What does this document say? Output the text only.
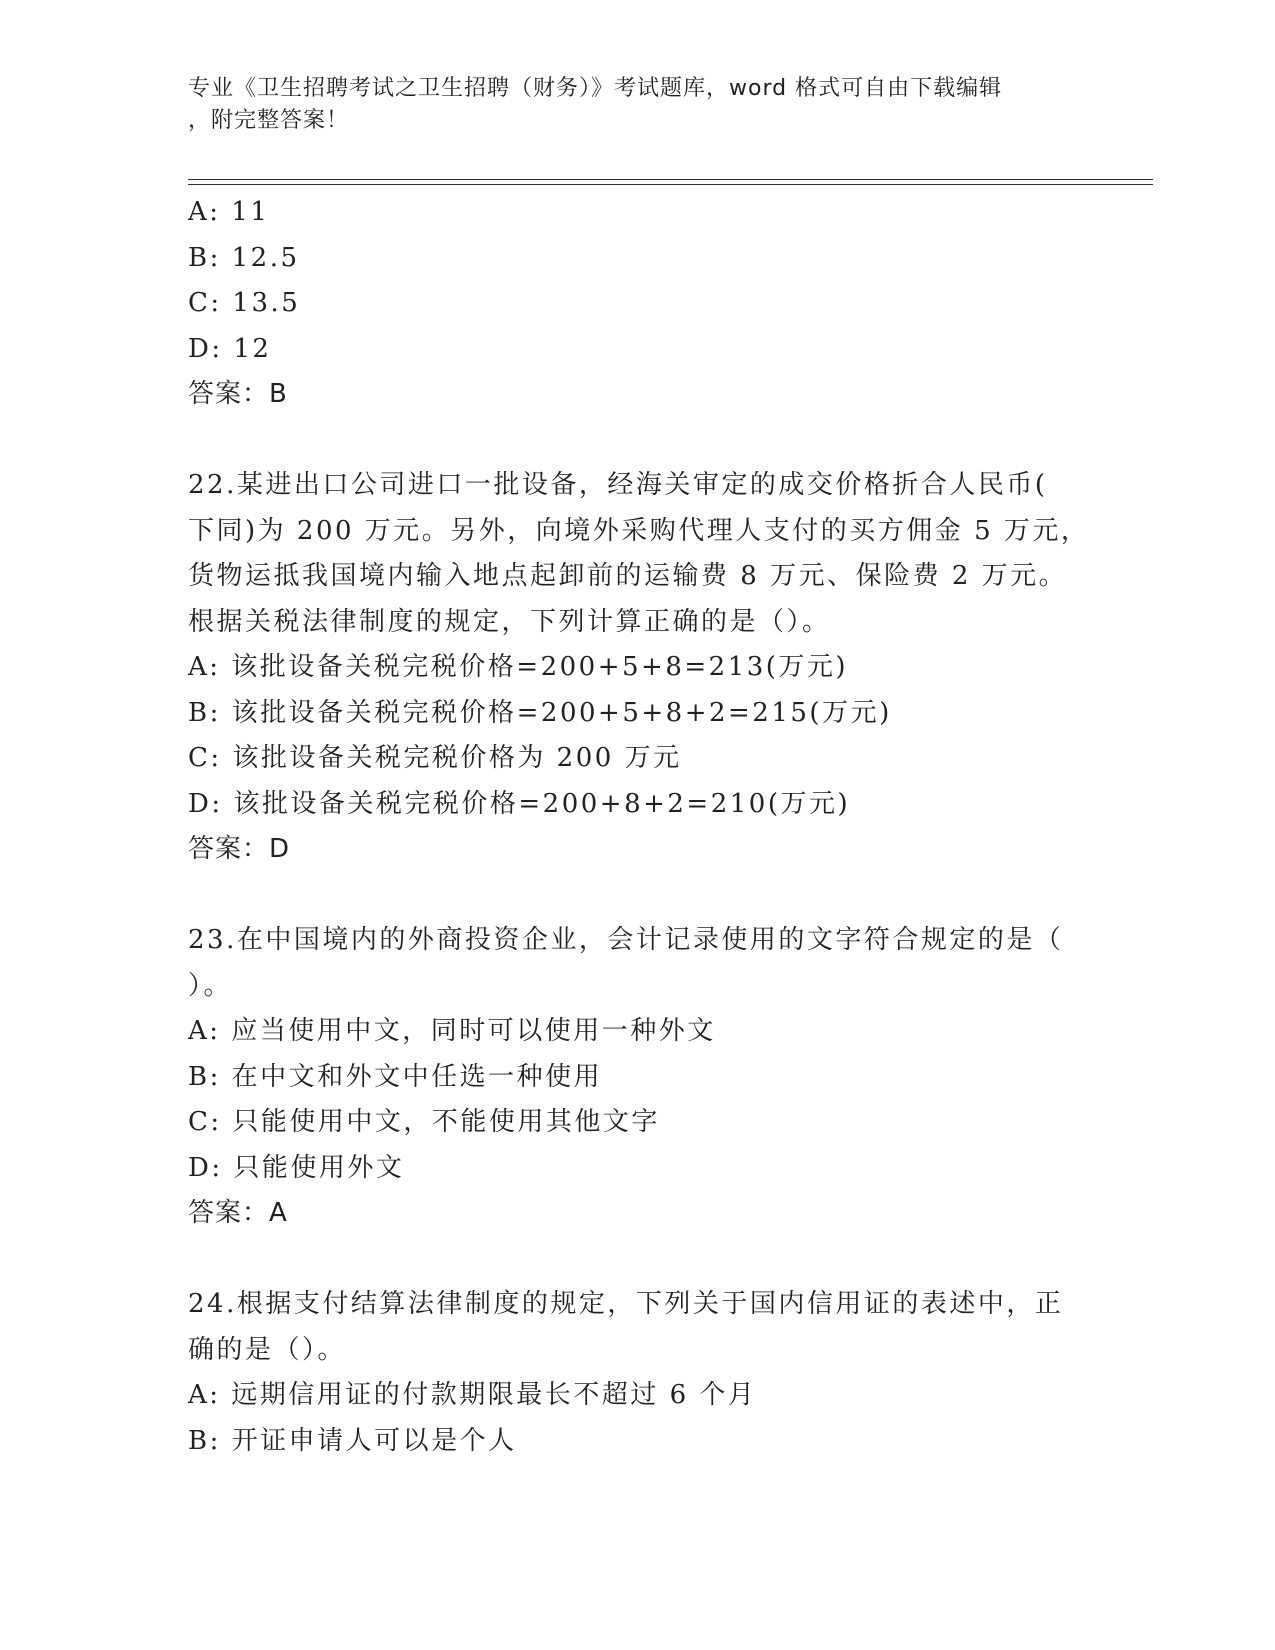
专业《卫生招聘考试之卫生招聘（财务）》考试题库，word 格式可自由下载编辑
，附完整答案！
A: 11
B: 12.5
C: 13.5
D: 12
答案：B
22.某进出口公司进口一批设备，经海关审定的成交价格折合人民币(
下同)为 200 万元。另外，向境外采购代理人支付的买方佣金 5 万元，
货物运抵我国境内输入地点起卸前的运输费 8 万元、保险费 2 万元。
根据关税法律制度的规定，下列计算正确的是（）。
A: 该批设备关税完税价格=200+5+8=213(万元)
B: 该批设备关税完税价格=200+5+8+2=215(万元)
C: 该批设备关税完税价格为 200 万元
D: 该批设备关税完税价格=200+8+2=210(万元)
答案：D
23.在中国境内的外商投资企业，会计记录使用的文字符合规定的是（
）。
A: 应当使用中文，同时可以使用一种外文
B: 在中文和外文中任选一种使用
C: 只能使用中文，不能使用其他文字
D: 只能使用外文
答案：A
24.根据支付结算法律制度的规定，下列关于国内信用证的表述中，正
确的是（）。
A: 远期信用证的付款期限最长不超过 6 个月
B: 开证申请人可以是个人
